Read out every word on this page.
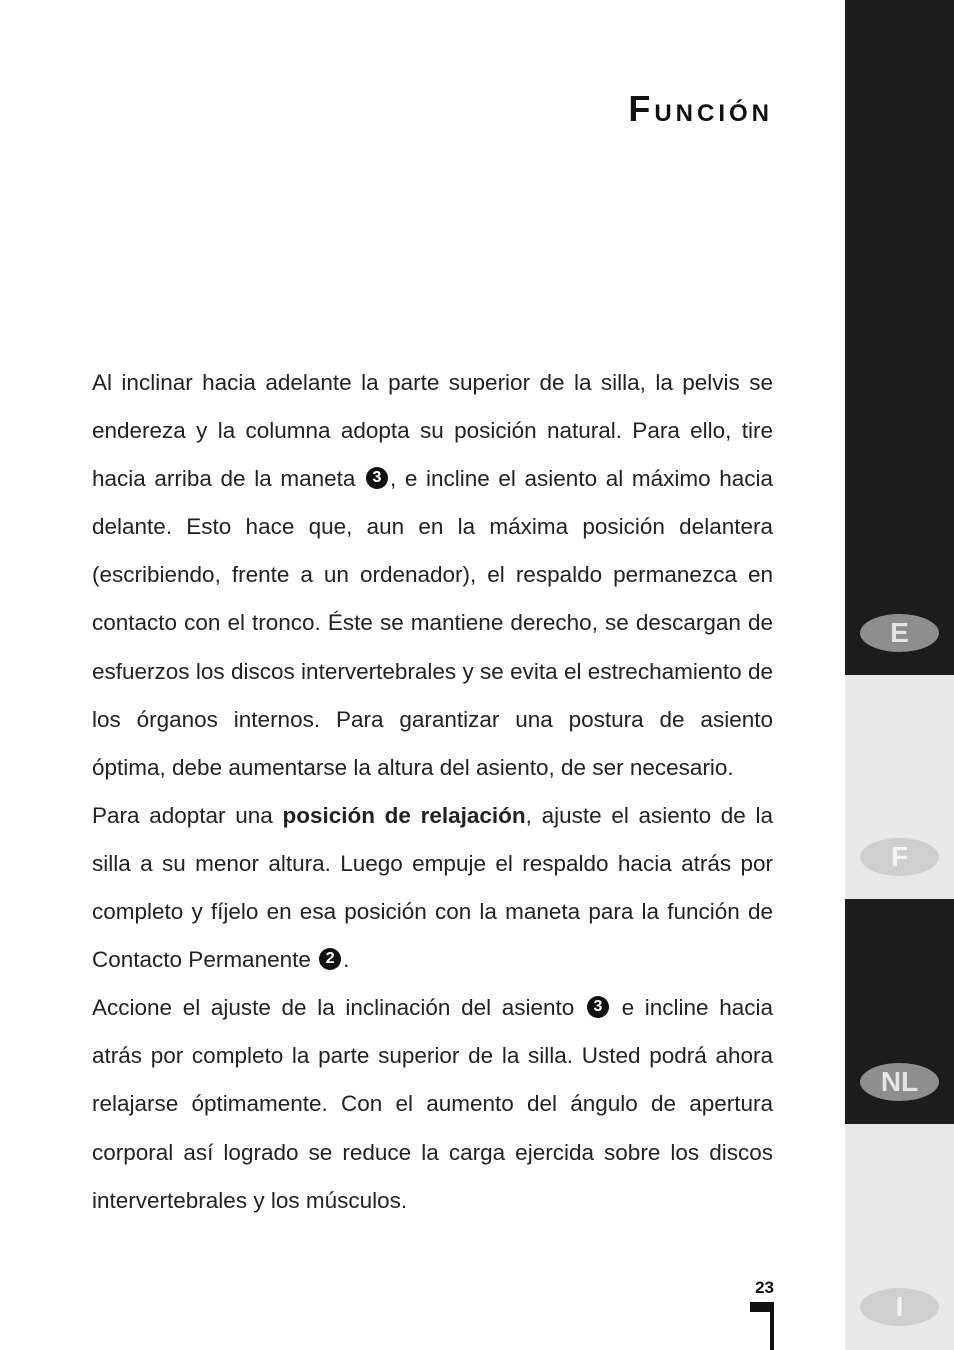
FUNCIÓN

Al inclinar hacia adelante la parte superior de la silla, la pelvis se endereza y la columna adopta su posición natural. Para ello, tire hacia arriba de la maneta 3 , e incline el asiento al máximo hacia delante. Esto hace que, aun en la máxima posición delantera (escribiendo, frente a un ordenador), el respaldo permanezca en contacto con el tronco. Éste se mantiene derecho, se descargan de esfuerzos los discos intervertebrales y se evita el estrechamiento de los órganos internos. Para garantizar una postura de asiento óptima, debe aumentarse la altura del asiento, de ser necesario.

Para adoptar una posición de relajación, ajuste el asiento de la silla a su menor altura. Luego empuje el respaldo hacia atrás por completo y fíjelo en esa posición con la maneta para la función de Contacto Permanente 2 .

Accione el ajuste de la inclinación del asiento 3 e incline hacia atrás por completo la parte superior de la silla. Usted podrá ahora relajarse óptimamente. Con el aumento del ángulo de apertura corporal así logrado se reduce la carga ejercida sobre los discos intervertebrales y los músculos.

23
E
F
NL
I
